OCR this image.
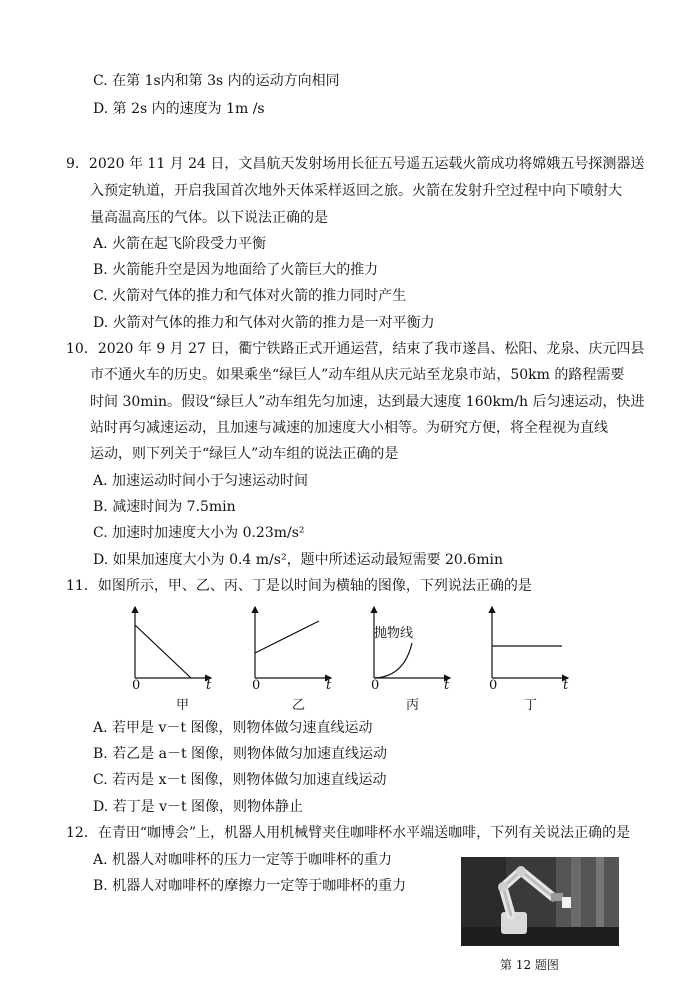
C. 在第 1s内和第 3s 内的运动方向相同
D. 第 2s 内的速度为 1m /s
9．2020 年 11 月 24 日，文昌航天发射场用长征五号遥五运载火箭成功将嫦娥五号探测器送
入预定轨道，开启我国首次地外天体采样返回之旅。火箭在发射升空过程中向下喷射大
量高温高压的气体。以下说法正确的是
A. 火箭在起飞阶段受力平衡
B. 火箭能升空是因为地面给了火箭巨大的推力
C. 火箭对气体的推力和气体对火箭的推力同时产生
D. 火箭对气体的推力和气体对火箭的推力是一对平衡力
10．2020 年 9 月 27 日，衢宁铁路正式开通运营，结束了我市遂昌、松阳、龙泉、庆元四县
市不通火车的历史。如果乘坐“绿巨人”动车组从庆元站至龙泉市站，50km 的路程需要
时间 30min。假设“绿巨人”动车组先匀加速，达到最大速度 160km/h 后匀速运动，快进
站时再匀减速运动，且加速与减速的加速度大小相等。为研究方便，将全程视为直线
运动，则下列关于“绿巨人”动车组的说法正确的是
A. 加速运动时间小于匀速运动时间
B. 减速时间为 7.5min
C. 加速时加速度大小为 0.23m/s²
D. 如果加速度大小为 0.4 m/s²，题中所述运动最短需要 20.6min
11．如图所示，甲、乙、丙、丁是以时间为横轴的图像，下列说法正确的是
0	t
甲
0	t
乙
抛物线
0	t
丙
0	t
丁
A. 若甲是 v－t 图像，则物体做匀速直线运动
B. 若乙是 a－t 图像，则物体做匀加速直线运动
C. 若丙是 x－t 图像，则物体做匀加速直线运动
D. 若丁是 v－t 图像，则物体静止
12．在青田“咖博会”上，机器人用机械臂夹住咖啡杯水平端送咖啡，下列有关说法正确的是
A. 机器人对咖啡杯的压力一定等于咖啡杯的重力
B. 机器人对咖啡杯的摩擦力一定等于咖啡杯的重力
第 12 题图
